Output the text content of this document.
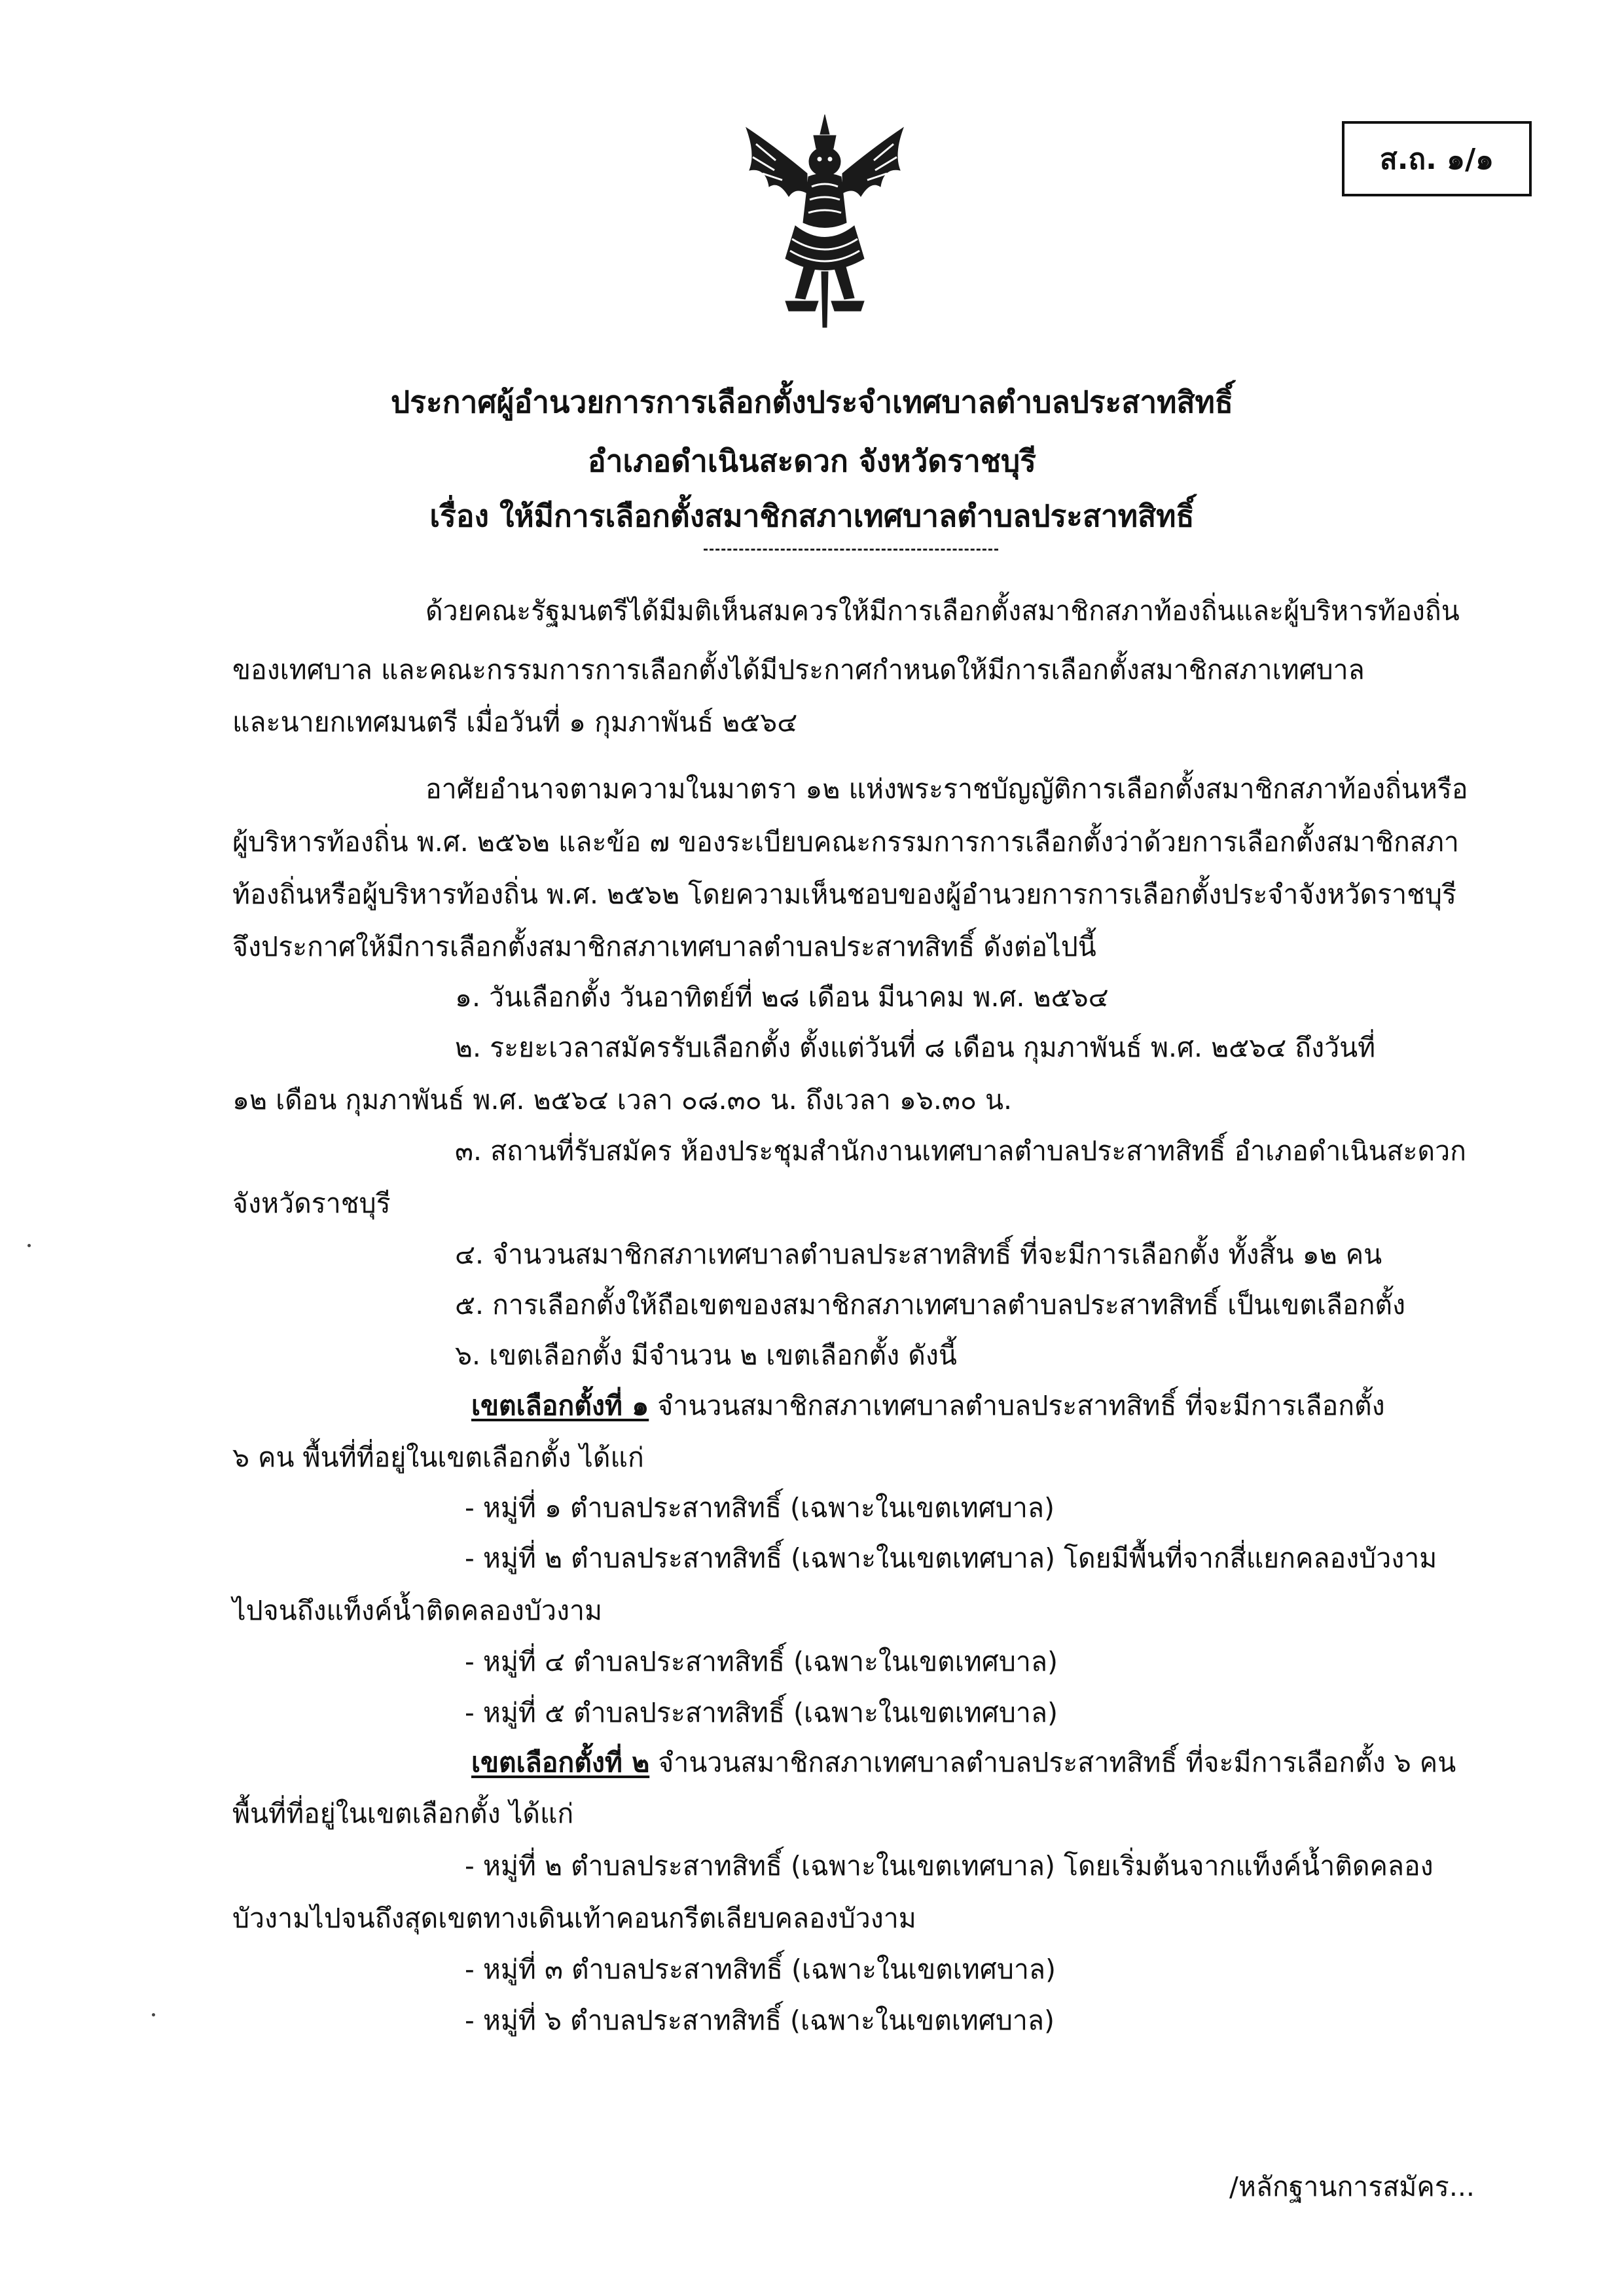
ส.ถ. ๑/๑
ประกาศผู้อำนวยการการเลือกตั้งประจำเทศบาลตำบลประสาทสิทธิ์
อำเภอดำเนินสะดวก จังหวัดราชบุรี
เรื่อง ให้มีการเลือกตั้งสมาชิกสภาเทศบาลตำบลประสาทสิทธิ์
ด้วยคณะรัฐมนตรีได้มีมติเห็นสมควรให้มีการเลือกตั้งสมาชิกสภาท้องถิ่นและผู้บริหารท้องถิ่น
ของเทศบาล และคณะกรรมการการเลือกตั้งได้มีประกาศกำหนดให้มีการเลือกตั้งสมาชิกสภาเทศบาล
และนายกเทศมนตรี เมื่อวันที่ ๑ กุมภาพันธ์ ๒๕๖๔
อาศัยอำนาจตามความในมาตรา ๑๒ แห่งพระราชบัญญัติการเลือกตั้งสมาชิกสภาท้องถิ่นหรือ
ผู้บริหารท้องถิ่น พ.ศ. ๒๕๖๒ และข้อ ๗ ของระเบียบคณะกรรมการการเลือกตั้งว่าด้วยการเลือกตั้งสมาชิกสภา
ท้องถิ่นหรือผู้บริหารท้องถิ่น พ.ศ. ๒๕๖๒ โดยความเห็นชอบของผู้อำนวยการการเลือกตั้งประจำจังหวัดราชบุรี
จึงประกาศให้มีการเลือกตั้งสมาชิกสภาเทศบาลตำบลประสาทสิทธิ์ ดังต่อไปนี้
๑. วันเลือกตั้ง วันอาทิตย์ที่ ๒๘ เดือน มีนาคม พ.ศ. ๒๕๖๔
๒. ระยะเวลาสมัครรับเลือกตั้ง ตั้งแต่วันที่ ๘ เดือน กุมภาพันธ์ พ.ศ. ๒๕๖๔ ถึงวันที่
๑๒ เดือน กุมภาพันธ์ พ.ศ. ๒๕๖๔ เวลา ๐๘.๓๐ น. ถึงเวลา ๑๖.๓๐ น.
๓. สถานที่รับสมัคร ห้องประชุมสำนักงานเทศบาลตำบลประสาทสิทธิ์ อำเภอดำเนินสะดวก
จังหวัดราชบุรี
๔. จำนวนสมาชิกสภาเทศบาลตำบลประสาทสิทธิ์ ที่จะมีการเลือกตั้ง ทั้งสิ้น ๑๒ คน
๕. การเลือกตั้งให้ถือเขตของสมาชิกสภาเทศบาลตำบลประสาทสิทธิ์ เป็นเขตเลือกตั้ง
๖. เขตเลือกตั้ง มีจำนวน ๒ เขตเลือกตั้ง ดังนี้
เขตเลือกตั้งที่ ๑ จำนวนสมาชิกสภาเทศบาลตำบลประสาทสิทธิ์ ที่จะมีการเลือกตั้ง
๖ คน พื้นที่ที่อยู่ในเขตเลือกตั้ง ได้แก่
- หมู่ที่ ๑ ตำบลประสาทสิทธิ์ (เฉพาะในเขตเทศบาล)
- หมู่ที่ ๒ ตำบลประสาทสิทธิ์ (เฉพาะในเขตเทศบาล) โดยมีพื้นที่จากสี่แยกคลองบัวงาม
ไปจนถึงแท็งค์น้ำติดคลองบัวงาม
- หมู่ที่ ๔ ตำบลประสาทสิทธิ์ (เฉพาะในเขตเทศบาล)
- หมู่ที่ ๕ ตำบลประสาทสิทธิ์ (เฉพาะในเขตเทศบาล)
เขตเลือกตั้งที่ ๒ จำนวนสมาชิกสภาเทศบาลตำบลประสาทสิทธิ์ ที่จะมีการเลือกตั้ง ๖ คน
พื้นที่ที่อยู่ในเขตเลือกตั้ง ได้แก่
- หมู่ที่ ๒ ตำบลประสาทสิทธิ์ (เฉพาะในเขตเทศบาล) โดยเริ่มต้นจากแท็งค์น้ำติดคลอง
บัวงามไปจนถึงสุดเขตทางเดินเท้าคอนกรีตเลียบคลองบัวงาม
- หมู่ที่ ๓ ตำบลประสาทสิทธิ์ (เฉพาะในเขตเทศบาล)
- หมู่ที่ ๖ ตำบลประสาทสิทธิ์ (เฉพาะในเขตเทศบาล)
/หลักฐานการสมัคร...
